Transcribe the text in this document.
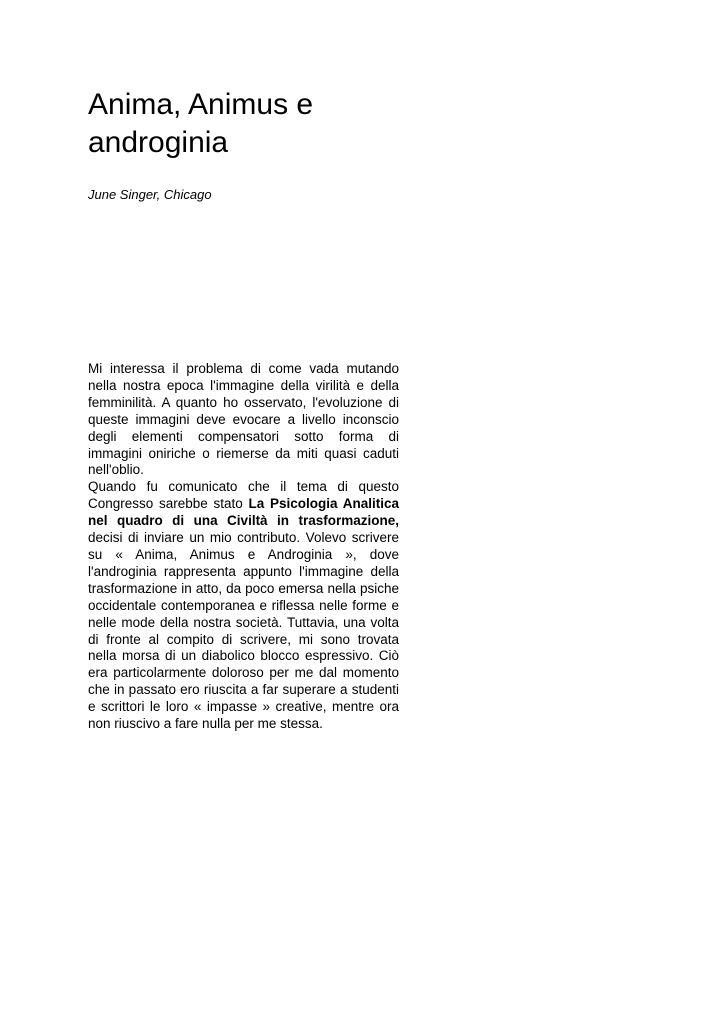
Anima, Animus e
androginia

June Singer, Chicago

Mi interessa il problema di come vada mutando nella nostra epoca l'immagine della virilità e della femminilità. A quanto ho osservato, l'evoluzione di queste immagini deve evocare a livello inconscio degli elementi compensatori sotto forma di immagini oniriche o riemerse da miti quasi caduti nell'oblio.

Quando fu comunicato che il tema di questo Congresso sarebbe stato La Psicologia Analitica nel quadro di una Civiltà in trasformazione, decisi di inviare un mio contributo. Volevo scrivere su « Anima, Animus e Androginia », dove l'androginia rappresenta appunto l'immagine della trasformazione in atto, da poco emersa nella psiche occidentale contemporanea e riflessa nelle forme e nelle mode della nostra società. Tuttavia, una volta di fronte al compito di scrivere, mi sono trovata nella morsa di un diabolico blocco espressivo. Ciò era particolarmente doloroso per me dal momento che in passato ero riuscita a far superare a studenti e scrittori le loro « impasse » creative, mentre ora non riuscivo a fare nulla per me stessa.
